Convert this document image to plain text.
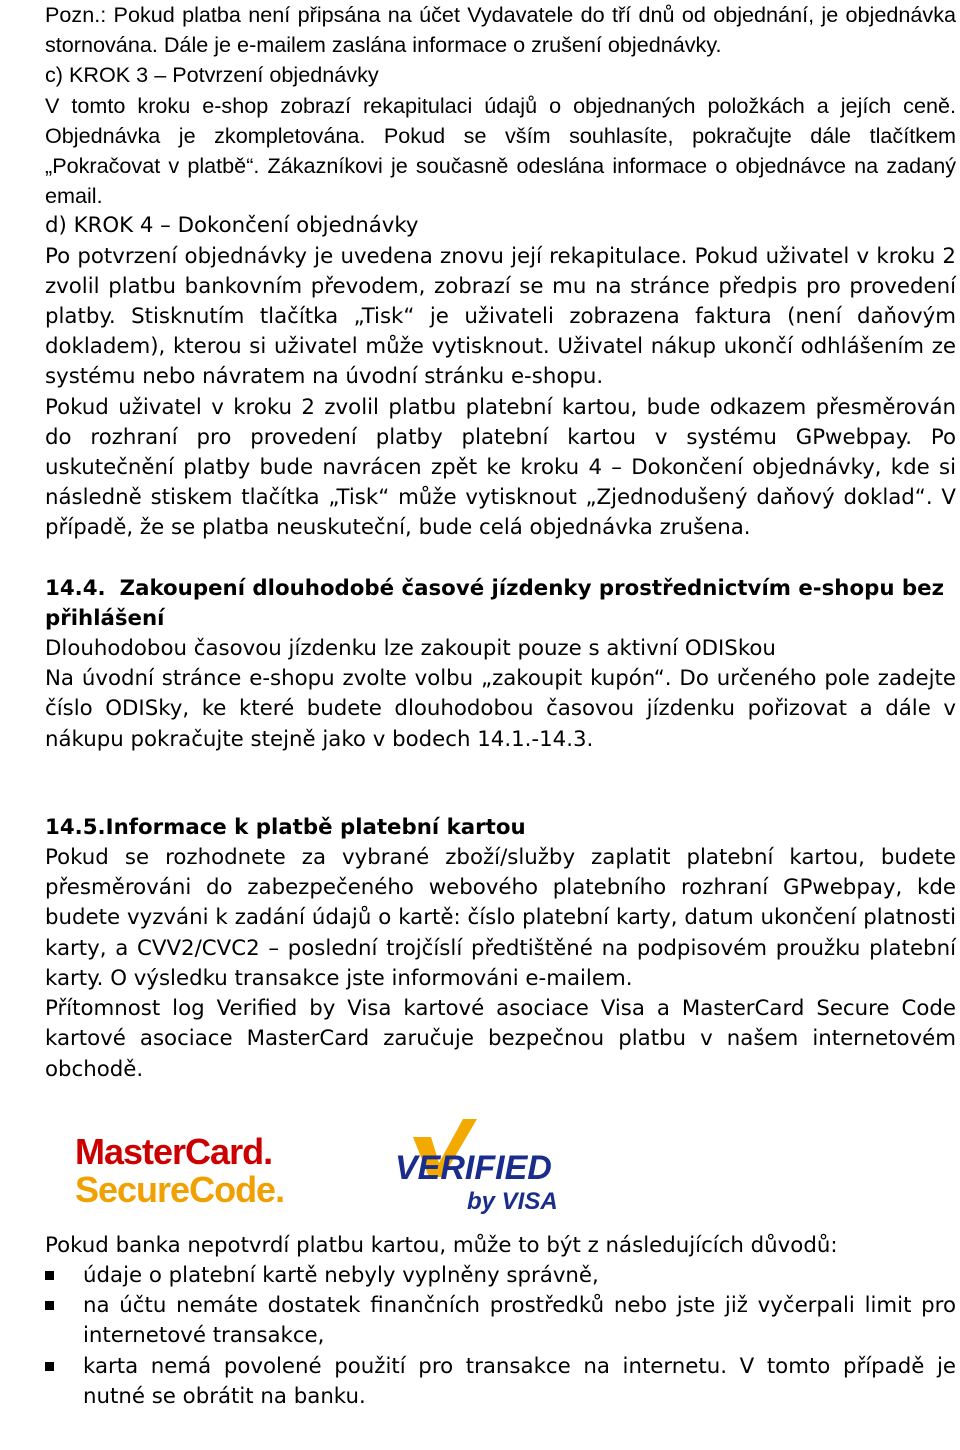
Pozn.: Pokud platba není připsána na účet Vydavatele do tří dnů od objednání, je objednávka stornována. Dále je e-mailem zaslána informace o zrušení objednávky.

c) KROK 3 – Potvrzení objednávky

V tomto kroku e-shop zobrazí rekapitulaci údajů o objednaných položkách a jejích ceně. Objednávka je zkompletována. Pokud se vším souhlasíte, pokračujte dále tlačítkem „Pokračovat v platbě“. Zákazníkovi je současně odeslána informace o objednávce na zadaný email.

d) KROK 4 – Dokončení objednávky

Po potvrzení objednávky je uvedena znovu její rekapitulace. Pokud uživatel v kroku 2 zvolil platbu bankovním převodem, zobrazí se mu na stránce předpis pro provedení platby. Stisknutím tlačítka „Tisk“ je uživateli zobrazena faktura (není daňovým dokladem), kterou si uživatel může vytisknout. Uživatel nákup ukončí odhlášením ze systému nebo návratem na úvodní stránku e-shopu.

Pokud uživatel v kroku 2 zvolil platbu platební kartou, bude odkazem přesměrován do rozhraní pro provedení platby platební kartou v systému GPwebpay. Po uskutečnění platby bude navrácen zpět ke kroku 4 – Dokončení objednávky, kde si následně stiskem tlačítka „Tisk“ může vytisknout „Zjednodušený daňový doklad“. V případě, že se platba neuskuteční, bude celá objednávka zrušena.

14.4. Zakoupení dlouhodobé časové jízdenky prostřednictvím e-shopu bez přihlášení

Dlouhodobou časovou jízdenku lze zakoupit pouze s aktivní ODISkou

Na úvodní stránce e-shopu zvolte volbu „zakoupit kupón“. Do určeného pole zadejte číslo ODISky, ke které budete dlouhodobou časovou jízdenku pořizovat a dále v nákupu pokračujte stejně jako v bodech 14.1.-14.3.

14.5.Informace k platbě platební kartou

Pokud se rozhodnete za vybrané zboží/služby zaplatit platební kartou, budete přesměrováni do zabezpečeného webového platebního rozhraní GPwebpay, kde budete vyzváni k zadání údajů o kartě: číslo platební karty, datum ukončení platnosti karty, a CVV2/CVC2 – poslední trojčíslí předtištěné na podpisovém proužku platební karty. O výsledku transakce jste informováni e-mailem.

Přítomnost log Verified by Visa kartové asociace Visa a MasterCard Secure Code kartové asociace MasterCard zaručuje bezpečnou platbu v našem internetovém obchodě.

MasterCard.
SecureCode.
VERIFIED
by VISA

Pokud banka nepotvrdí platbu kartou, může to být z následujících důvodů:

údaje o platební kartě nebyly vyplněny správně,
na účtu nemáte dostatek finančních prostředků nebo jste již vyčerpali limit pro internetové transakce,
karta nemá povolené použití pro transakce na internetu. V tomto případě je nutné se obrátit na banku.
